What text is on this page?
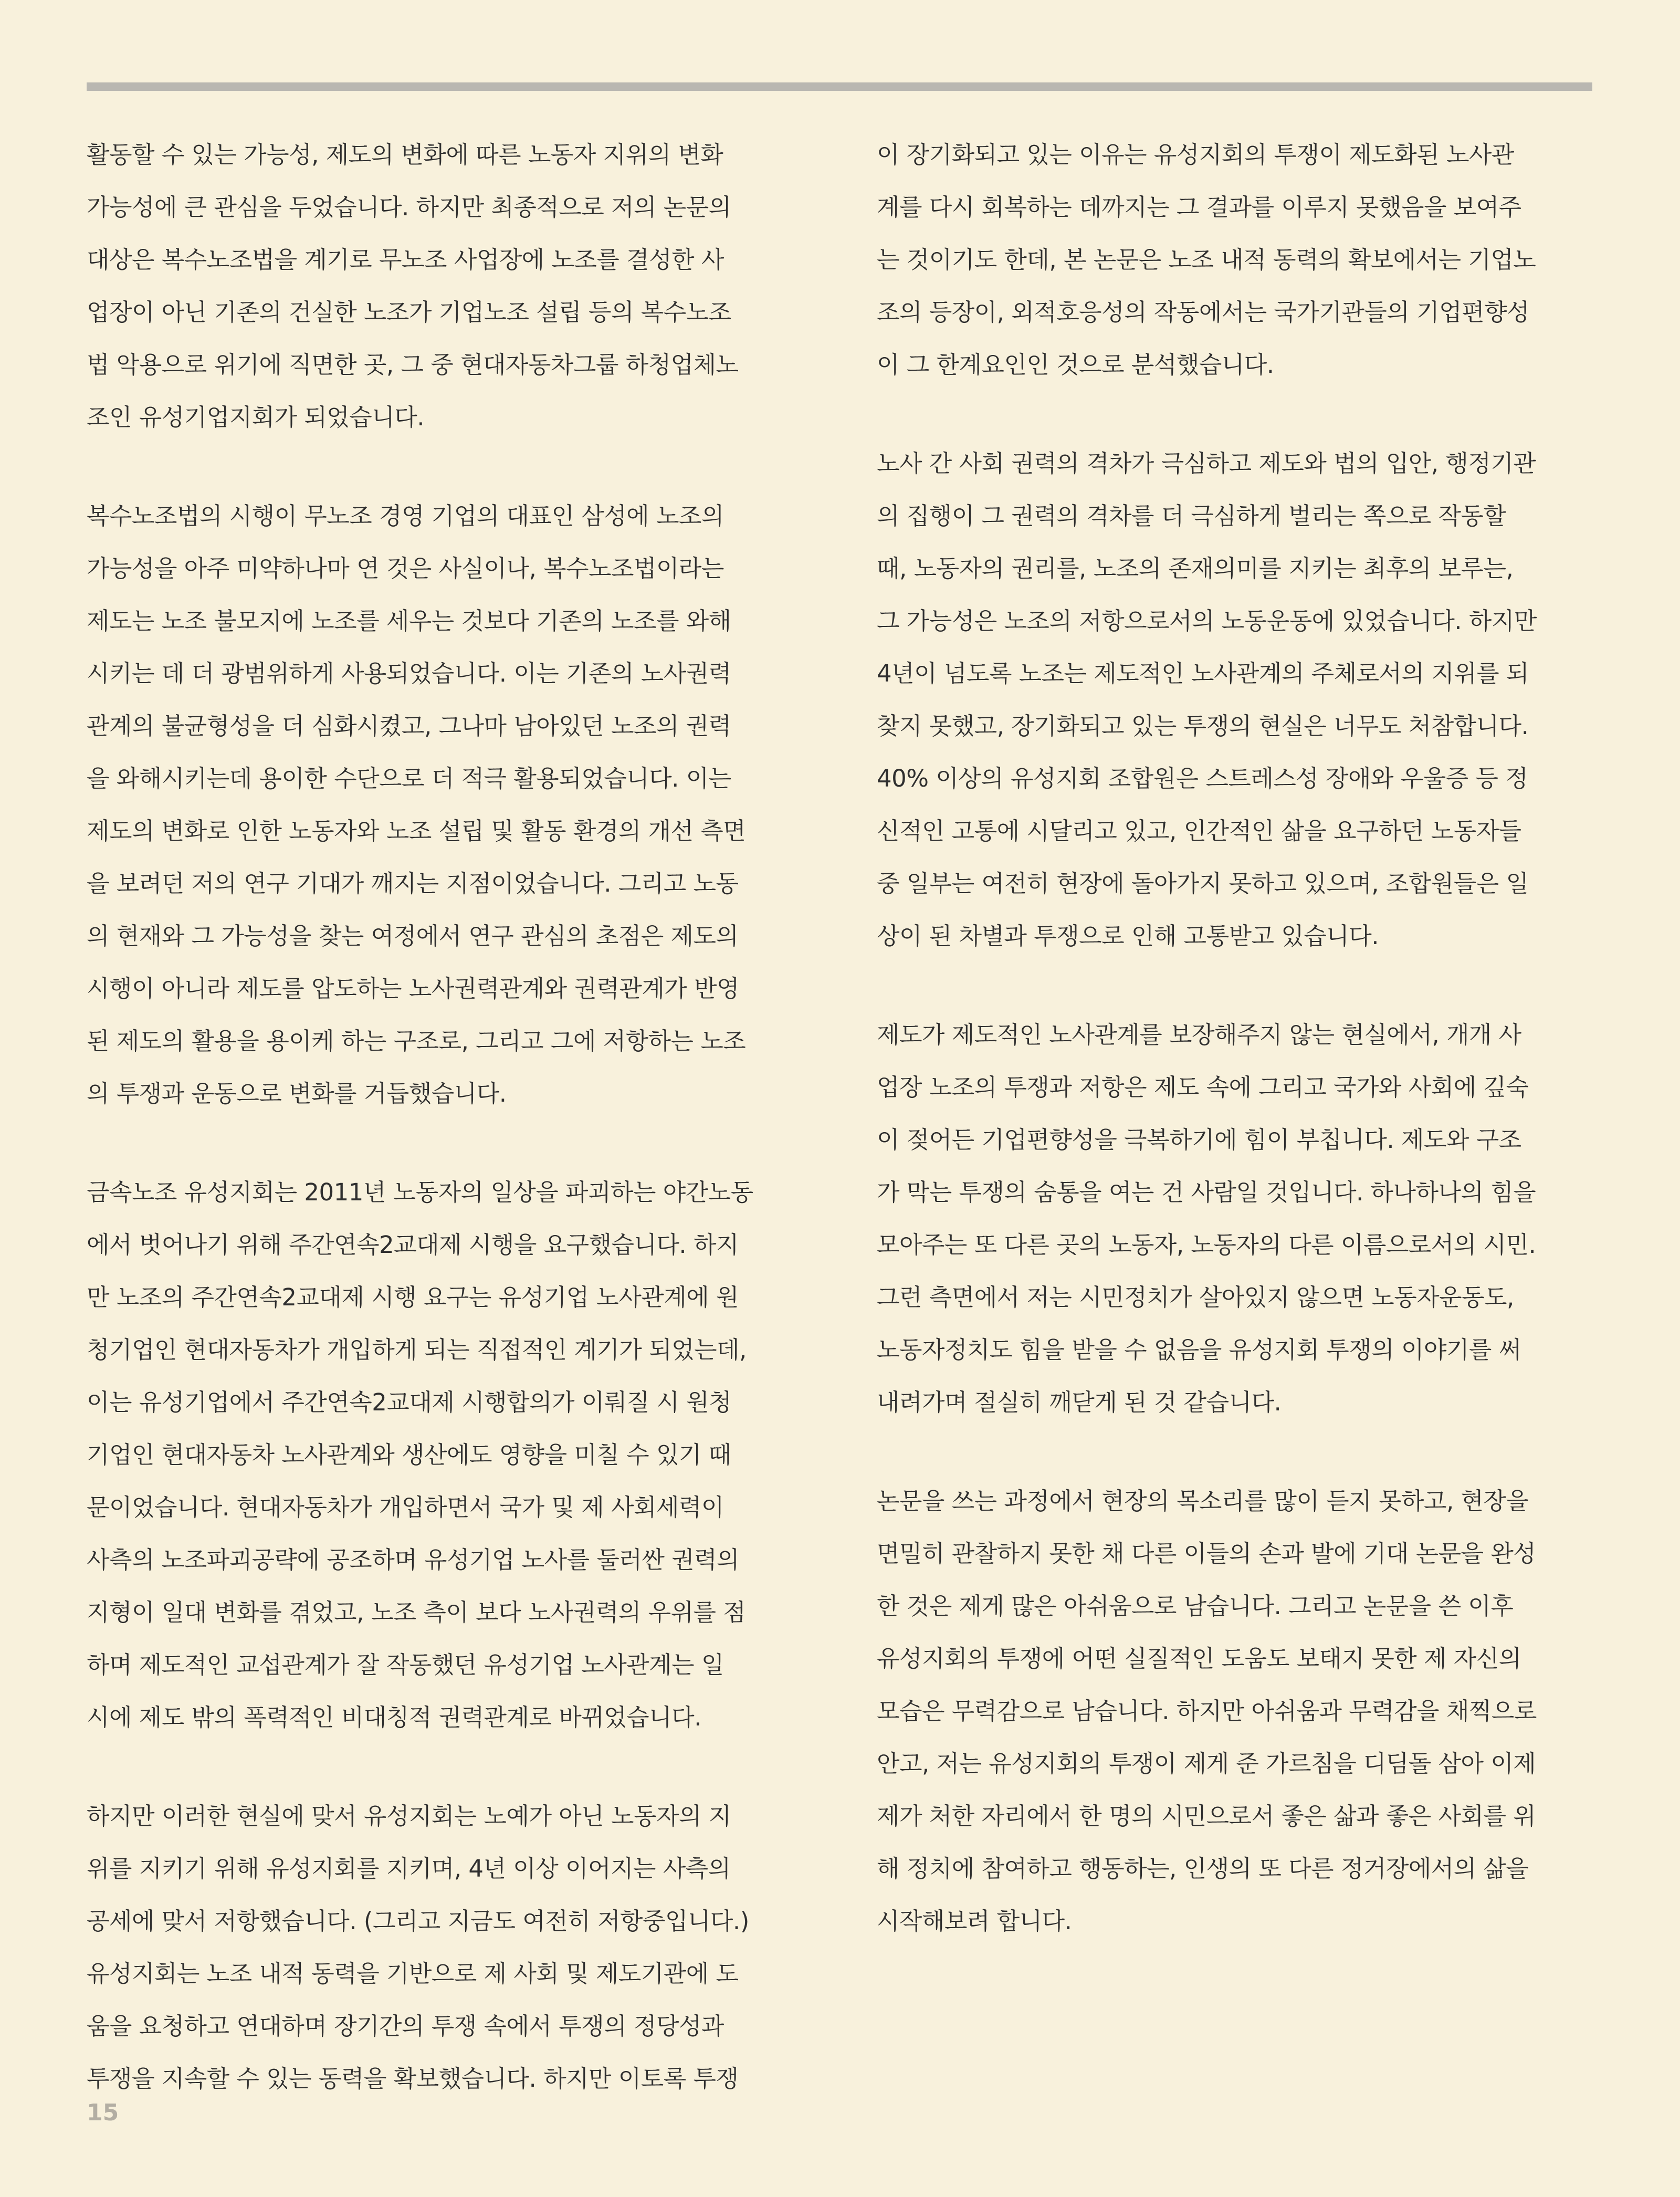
활동할 수 있는 가능성, 제도의 변화에 따른 노동자 지위의 변화
가능성에 큰 관심을 두었습니다. 하지만 최종적으로 저의 논문의
대상은 복수노조법을 계기로 무노조 사업장에 노조를 결성한 사
업장이 아닌 기존의 건실한 노조가 기업노조 설립 등의 복수노조
법 악용으로 위기에 직면한 곳, 그 중 현대자동차그룹 하청업체노
조인 유성기업지회가 되었습니다.

복수노조법의 시행이 무노조 경영 기업의 대표인 삼성에 노조의
가능성을 아주 미약하나마 연 것은 사실이나, 복수노조법이라는
제도는 노조 불모지에 노조를 세우는 것보다 기존의 노조를 와해
시키는 데 더 광범위하게 사용되었습니다. 이는 기존의 노사권력
관계의 불균형성을 더 심화시켰고, 그나마 남아있던 노조의 권력
을 와해시키는데 용이한 수단으로 더 적극 활용되었습니다. 이는
제도의 변화로 인한 노동자와 노조 설립 및 활동 환경의 개선 측면
을 보려던 저의 연구 기대가 깨지는 지점이었습니다. 그리고 노동
의 현재와 그 가능성을 찾는 여정에서 연구 관심의 초점은 제도의
시행이 아니라 제도를 압도하는 노사권력관계와 권력관계가 반영
된 제도의 활용을 용이케 하는 구조로, 그리고 그에 저항하는 노조
의 투쟁과 운동으로 변화를 거듭했습니다.

금속노조 유성지회는 2011년 노동자의 일상을 파괴하는 야간노동
에서 벗어나기 위해 주간연속2교대제 시행을 요구했습니다. 하지
만 노조의 주간연속2교대제 시행 요구는 유성기업 노사관계에 원
청기업인 현대자동차가 개입하게 되는 직접적인 계기가 되었는데,
이는 유성기업에서 주간연속2교대제 시행합의가 이뤄질 시 원청
기업인 현대자동차 노사관계와 생산에도 영향을 미칠 수 있기 때
문이었습니다. 현대자동차가 개입하면서 국가 및 제 사회세력이
사측의 노조파괴공략에 공조하며 유성기업 노사를 둘러싼 권력의
지형이 일대 변화를 겪었고, 노조 측이 보다 노사권력의 우위를 점
하며 제도적인 교섭관계가 잘 작동했던 유성기업 노사관계는 일
시에 제도 밖의 폭력적인 비대칭적 권력관계로 바뀌었습니다.

하지만 이러한 현실에 맞서 유성지회는 노예가 아닌 노동자의 지
위를 지키기 위해 유성지회를 지키며, 4년 이상 이어지는 사측의
공세에 맞서 저항했습니다. (그리고 지금도 여전히 저항중입니다.)
유성지회는 노조 내적 동력을 기반으로 제 사회 및 제도기관에 도
움을 요청하고 연대하며 장기간의 투쟁 속에서 투쟁의 정당성과
투쟁을 지속할 수 있는 동력을 확보했습니다. 하지만 이토록 투쟁

이 장기화되고 있는 이유는 유성지회의 투쟁이 제도화된 노사관
계를 다시 회복하는 데까지는 그 결과를 이루지 못했음을 보여주
는 것이기도 한데, 본 논문은 노조 내적 동력의 확보에서는 기업노
조의 등장이, 외적호응성의 작동에서는 국가기관들의 기업편향성
이 그 한계요인인 것으로 분석했습니다.

노사 간 사회 권력의 격차가 극심하고 제도와 법의 입안, 행정기관
의 집행이 그 권력의 격차를 더 극심하게 벌리는 쪽으로 작동할
때, 노동자의 권리를, 노조의 존재의미를 지키는 최후의 보루는,
그 가능성은 노조의 저항으로서의 노동운동에 있었습니다. 하지만
4년이 넘도록 노조는 제도적인 노사관계의 주체로서의 지위를 되
찾지 못했고, 장기화되고 있는 투쟁의 현실은 너무도 처참합니다.
40% 이상의 유성지회 조합원은 스트레스성 장애와 우울증 등 정
신적인 고통에 시달리고 있고, 인간적인 삶을 요구하던 노동자들
중 일부는 여전히 현장에 돌아가지 못하고 있으며, 조합원들은 일
상이 된 차별과 투쟁으로 인해 고통받고 있습니다.

제도가 제도적인 노사관계를 보장해주지 않는 현실에서, 개개 사
업장 노조의 투쟁과 저항은 제도 속에 그리고 국가와 사회에 깊숙
이 젖어든 기업편향성을 극복하기에 힘이 부칩니다. 제도와 구조
가 막는 투쟁의 숨통을 여는 건 사람일 것입니다. 하나하나의 힘을
모아주는 또 다른 곳의 노동자, 노동자의 다른 이름으로서의 시민.
그런 측면에서 저는 시민정치가 살아있지 않으면 노동자운동도,
노동자정치도 힘을 받을 수 없음을 유성지회 투쟁의 이야기를 써
내려가며 절실히 깨닫게 된 것 같습니다.

논문을 쓰는 과정에서 현장의 목소리를 많이 듣지 못하고, 현장을
면밀히 관찰하지 못한 채 다른 이들의 손과 발에 기대 논문을 완성
한 것은 제게 많은 아쉬움으로 남습니다. 그리고 논문을 쓴 이후
유성지회의 투쟁에 어떤 실질적인 도움도 보태지 못한 제 자신의
모습은 무력감으로 남습니다. 하지만 아쉬움과 무력감을 채찍으로
안고, 저는 유성지회의 투쟁이 제게 준 가르침을 디딤돌 삼아 이제
제가 처한 자리에서 한 명의 시민으로서 좋은 삶과 좋은 사회를 위
해 정치에 참여하고 행동하는, 인생의 또 다른 정거장에서의 삶을
시작해보려 합니다.

15
